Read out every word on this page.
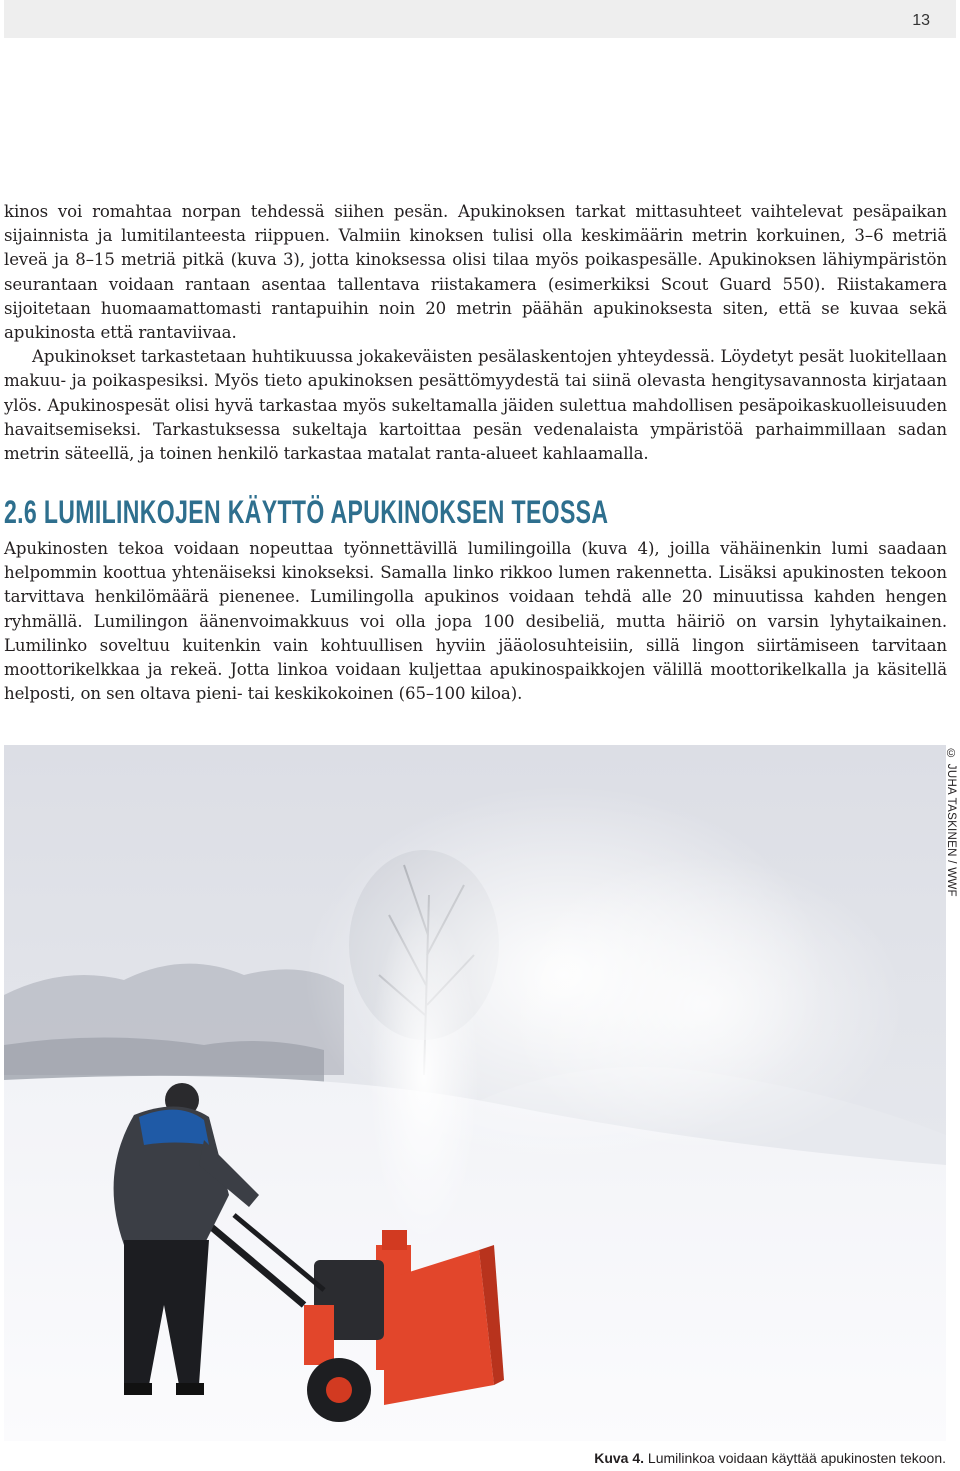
13

kinos voi romahtaa norpan tehdessä siihen pesän. Apukinoksen tarkat mittasuhteet vaihtelevat pesäpaikan sijainnista ja lumitilanteesta riippuen. Valmiin kinoksen tulisi olla keskimäärin metrin korkuinen, 3–6 metriä leveä ja 8–15 metriä pitkä (kuva 3), jotta kinoksessa olisi tilaa myös poikaspesälle. Apukinoksen lähiympäristön seurantaan voidaan rantaan asentaa tallentava riistakamera (esimerkiksi Scout Guard 550). Riistakamera sijoitetaan huomaamattomasti rantapuihin noin 20 metrin päähän apukinoksesta siten, että se kuvaa sekä apukinosta että rantaviivaa.

Apukinokset tarkastetaan huhtikuussa jokakeväisten pesälaskentojen yhteydessä. Löydetyt pesät luokitellaan makuu- ja poikaspesiksi. Myös tieto apukinoksen pesättömyydestä tai siinä olevasta hengitysavannosta kirjataan ylös. Apukinospesät olisi hyvä tarkastaa myös sukeltamalla jäiden sulettua mahdollisen pesäpoikaskuolleisuuden havaitsemiseksi. Tarkastuksessa sukeltaja kartoittaa pesän vedenalaista ympäristöä parhaimmillaan sadan metrin säteellä, ja toinen henkilö tarkastaa matalat ranta-alueet kahlaamalla.

2.6 LUMILINKOJEN KÄYTTÖ APUKINOKSEN TEOSSA

Apukinosten tekoa voidaan nopeuttaa työnnettävillä lumilingoilla (kuva 4), joilla vähäinenkin lumi saadaan helpommin koottua yhtenäiseksi kinokseksi. Samalla linko rikkoo lumen rakennetta. Lisäksi apukinosten tekoon tarvittava henkilömäärä pienenee. Lumilingolla apukinos voidaan tehdä alle 20 minuutissa kahden hengen ryhmällä. Lumilingon äänenvoimakkuus voi olla jopa 100 desibeliä, mutta häiriö on varsin lyhytaikainen. Lumilinko soveltuu kuitenkin vain kohtuullisen hyviin jääolosuhteisiin, sillä lingon siirtämiseen tarvitaan moottorikelkkaa ja rekeä. Jotta linkoa voidaan kuljettaa apukinospaikkojen välillä moottorikelkalla ja käsitellä helposti, on sen oltava pieni- tai keskikokoinen (65–100 kiloa).

© JUHA TASKINEN / WWF
Kuva 4. Lumilinkoa voidaan käyttää apukinosten tekoon.
